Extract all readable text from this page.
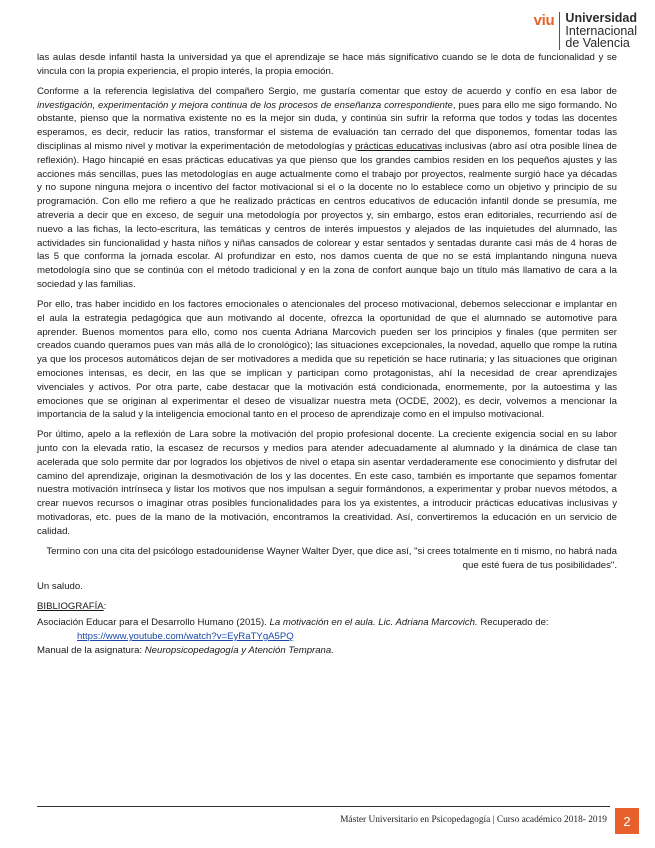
viu Universidad
Internacional
de Valencia

las aulas desde infantil hasta la universidad ya que el aprendizaje se hace más significativo cuando se le dota de funcionalidad y se vincula con la propia experiencia, el propio interés, la propia emoción.

Conforme a la referencia legislativa del compañero Sergio, me gustaría comentar que estoy de acuerdo y confío en esa labor de investigación, experimentación y mejora continua de los procesos de enseñanza correspondiente, pues para ello me sigo formando. No obstante, pienso que la normativa existente no es la mejor sin duda, y continúa sin sufrir la reforma que todos y todas las docentes esperamos, es decir, reducir las ratios, transformar el sistema de evaluación tan cerrado del que disponemos, fomentar todas las disciplinas al mismo nivel y motivar la experimentación de metodologías y prácticas educativas inclusivas (abro así otra posible línea de reflexión). Hago hincapié en esas prácticas educativas ya que pienso que los grandes cambios residen en los pequeños ajustes y las acciones más sencillas, pues las metodologías en auge actualmente como el trabajo por proyectos, realmente surgió hace ya décadas y no supone ninguna mejora o incentivo del factor motivacional si el o la docente no lo establece como un objetivo y principio de su programación. Con ello me refiero a que he realizado prácticas en centros educativos de educación infantil donde se presumía, me atreveria a decir que en exceso, de seguir una metodología por proyectos y, sin embargo, estos eran editoriales, recurriendo así de nuevo a las fichas, la lecto-escritura, las temáticas y centros de interés impuestos y alejados de las inquietudes del alumnado, las actividades sin funcionalidad y hasta niños y niñas cansados de colorear y estar sentados y sentadas durante casi más de 4 horas de las 5 que conforma la jornada escolar. Al profundizar en esto, nos damos cuenta de que no se está implantando ninguna nueva metodología sino que se continúa con el método tradicional y en la zona de confort aunque bajo un título más llamativo de cara a la sociedad y las familias.

Por ello, tras haber incidido en los factores emocionales o atencionales del proceso motivacional, debemos seleccionar e implantar en el aula la estrategia pedagógica que aun motivando al docente, ofrezca la oportunidad de que el alumnado se automotive para aprender. Buenos momentos para ello, como nos cuenta Adriana Marcovich pueden ser los principios y finales (que permiten ser creados cuando queramos pues van más allá de lo cronológico); las situaciones excepcionales, la novedad, aquello que rompe la rutina ya que los procesos automáticos dejan de ser motivadores a medida que su repetición se hace rutinaria; y las situaciones que originan emociones intensas, es decir, en las que se implican y participan como protagonistas, ahí la necesidad de crear aprendizajes vivenciales y activos. Por otra parte, cabe destacar que la motivación está condicionada, enormemente, por la autoestima y las emociones que se originan al experimentar el deseo de visualizar nuestra meta (OCDE, 2002), es decir, volvemos a mencionar la importancia de la salud y la inteligencia emocional tanto en el proceso de aprendizaje como en el impulso motivacional.

Por último, apelo a la reflexión de Lara sobre la motivación del propio profesional docente. La creciente exigencia social en su labor junto con la elevada ratio, la escasez de recursos y medios para atender adecuadamente al alumnado y la dinámica de clase tan acelerada que solo permite dar por logrados los objetivos de nivel o etapa sin asentar verdaderamente ese conocimiento y disfrutar del camino del aprendizaje, originan la desmotivación de los y las docentes. En este caso, también es importante que sepamos fomentar nuestra motivación intrínseca y listar los motivos que nos impulsan a seguir formándonos, a experimentar y probar nuevos métodos, a crear nuevos recursos o imaginar otras posibles funcionalidades para los ya existentes, a introducir prácticas educativas inclusivas y motivadoras, etc. pues de la mano de la motivación, encontramos la creatividad. Así, convertiremos la educación en un servicio de calidad.

Termino con una cita del psicólogo estadounidense Wayner Walter Dyer, que dice así, "si crees totalmente en ti mismo, no habrá nada que esté fuera de tus posibilidades".

Un saludo.

BIBLIOGRAFÍA:

Asociación Educar para el Desarrollo Humano (2015). La motivación en el aula. Lic. Adriana Marcovich. Recuperado de:
https://www.youtube.com/watch?v=EyRaTYgA5PQ

Manual de la asignatura: Neuropsicopedagogía y Atención Temprana.

Máster Universitario en Psicopedagogía | Curso académico 2018- 2019	2
